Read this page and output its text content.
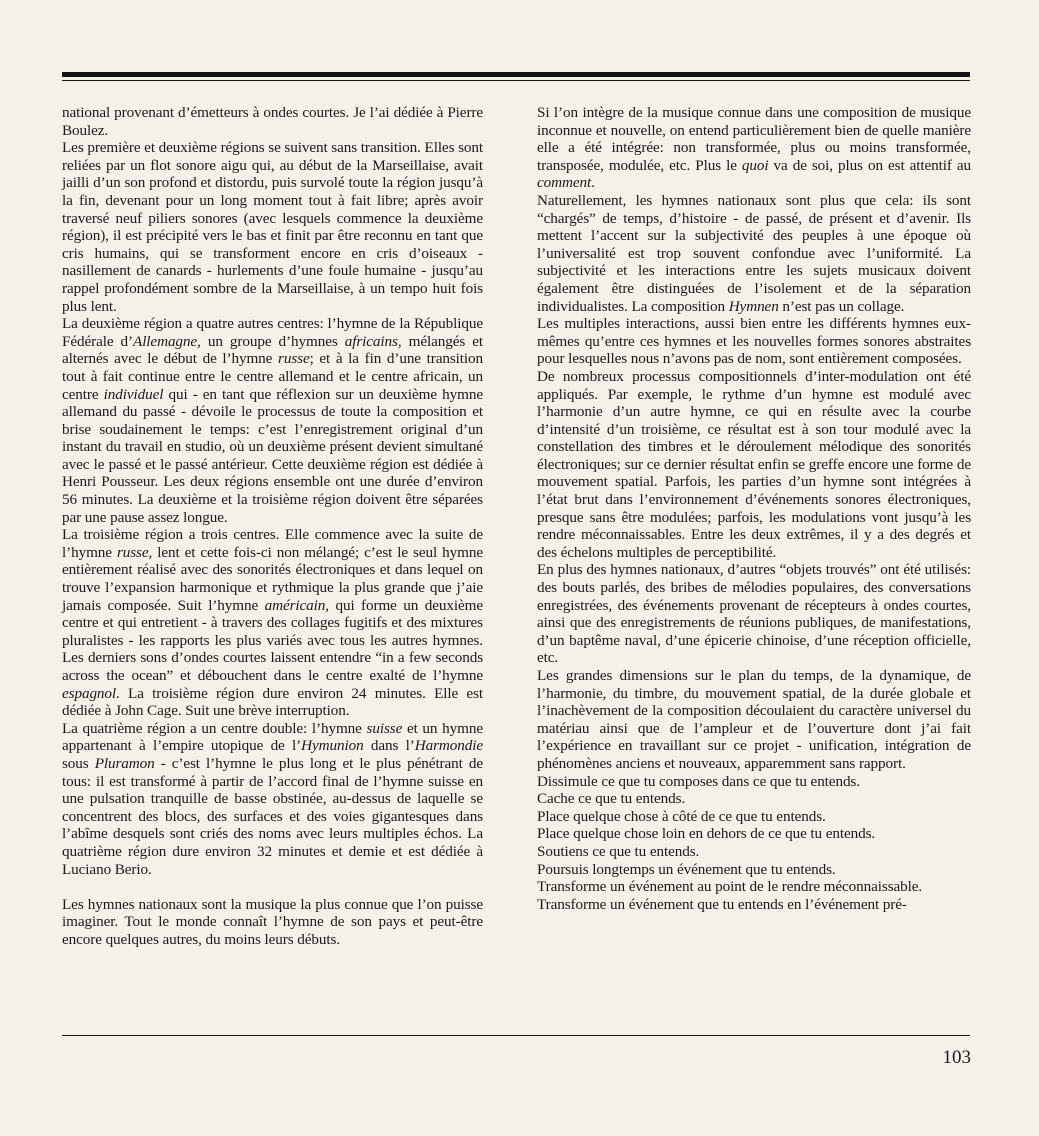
national provenant d’émetteurs à ondes courtes. Je l’ai dédiée à Pierre Boulez.

Les première et deuxième régions se suivent sans transition. Elles sont reliées par un flot sonore aigu qui, au début de la Marseillaise, avait jailli d’un son profond et distordu, puis survolé toute la région jusqu’à la fin, devenant pour un long moment tout à fait libre; après avoir traversé neuf piliers sonores (avec lesquels commence la deuxième région), il est précipité vers le bas et finit par être reconnu en tant que cris humains, qui se transforment encore en cris d’oiseaux - nasillement de canards - hurlements d’une foule humaine - jusqu’au rappel profondément sombre de la Marseillaise, à un tempo huit fois plus lent.

La deuxième région a quatre autres centres: l’hymne de la République Fédérale d’Allemagne, un groupe d’hymnes africains, mélangés et alternés avec le début de l’hymne russe; et à la fin d’une transition tout à fait continue entre le centre allemand et le centre africain, un centre individuel qui - en tant que réflexion sur un deuxième hymne allemand du passé - dévoile le processus de toute la composition et brise soudainement le temps: c’est l’enregistrement original d’un instant du travail en studio, où un deuxième présent devient simultané avec le passé et le passé antérieur. Cette deuxième région est dédiée à Henri Pousseur. Les deux régions ensemble ont une durée d’environ 56 minutes. La deuxième et la troisième région doivent être séparées par une pause assez longue.

La troisième région a trois centres. Elle commence avec la suite de l’hymne russe, lent et cette fois-ci non mélangé; c’est le seul hymne entièrement réalisé avec des sonorités électroniques et dans lequel on trouve l’expansion harmonique et rythmique la plus grande que j’aie jamais composée. Suit l’hymne américain, qui forme un deuxième centre et qui entretient - à travers des collages fugitifs et des mixtures pluralistes - les rapports les plus variés avec tous les autres hymnes. Les derniers sons d’ondes courtes laissent entendre “in a few seconds across the ocean” et débouchent dans le centre exalté de l’hymne espagnol. La troisième région dure environ 24 minutes. Elle est dédiée à John Cage. Suit une brève interruption.

La quatrième région a un centre double: l’hymne suisse et un hymne appartenant à l’empire utopique de l’Hymunion dans l’Harmondie sous Pluramon - c’est l’hymne le plus long et le plus pénétrant de tous: il est transformé à partir de l’accord final de l’hymne suisse en une pulsation tranquille de basse obstinée, au-dessus de laquelle se concentrent des blocs, des surfaces et des voies gigantesques dans l’abîme desquels sont criés des noms avec leurs multiples échos. La quatrième région dure environ 32 minutes et demie et est dédiée à Luciano Berio.

Les hymnes nationaux sont la musique la plus connue que l’on puisse imaginer. Tout le monde connaît l’hymne de son pays et peut-être encore quelques autres, du moins leurs débuts.

Si l’on intègre de la musique connue dans une composition de musique inconnue et nouvelle, on entend particulièrement bien de quelle manière elle a été intégrée: non transformée, plus ou moins transformée, transposée, modulée, etc. Plus le quoi va de soi, plus on est attentif au comment.

Naturellement, les hymnes nationaux sont plus que cela: ils sont “chargés” de temps, d’histoire - de passé, de présent et d’avenir. Ils mettent l’accent sur la subjectivité des peuples à une époque où l’universalité est trop souvent confondue avec l’uniformité. La subjectivité et les interactions entre les sujets musicaux doivent également être distinguées de l’isolement et de la séparation individualistes. La composition Hymnen n’est pas un collage.

Les multiples interactions, aussi bien entre les différents hymnes eux-mêmes qu’entre ces hymnes et les nouvelles formes sonores abstraites pour lesquelles nous n’avons pas de nom, sont entièrement composées.

De nombreux processus compositionnels d’inter-modulation ont été appliqués. Par exemple, le rythme d’un hymne est modulé avec l’harmonie d’un autre hymne, ce qui en résulte avec la courbe d’intensité d’un troisième, ce résultat est à son tour modulé avec la constellation des timbres et le déroulement mélodique des sonorités électroniques; sur ce dernier résultat enfin se greffe encore une forme de mouvement spatial. Parfois, les parties d’un hymne sont intégrées à l’état brut dans l’environnement d’événements sonores électroniques, presque sans être modulées; parfois, les modulations vont jusqu’à les rendre méconnaissables. Entre les deux extrêmes, il y a des degrés et des échelons multiples de perceptibilité.

En plus des hymnes nationaux, d’autres “objets trouvés” ont été utilisés: des bouts parlés, des bribes de mélodies populaires, des conversations enregistrées, des événements provenant de récepteurs à ondes courtes, ainsi que des enregistrements de réunions publiques, de manifestations, d’un baptême naval, d’une épicerie chinoise, d’une réception officielle, etc.

Les grandes dimensions sur le plan du temps, de la dynamique, de l’harmonie, du timbre, du mouvement spatial, de la durée globale et l’inachèvement de la composition découlaient du caractère universel du matériau ainsi que de l’ampleur et de l’ouverture dont j’ai fait l’expérience en travaillant sur ce projet - unification, intégration de phénomènes anciens et nouveaux, apparemment sans rapport.

Dissimule ce que tu composes dans ce que tu entends.

Cache ce que tu entends.

Place quelque chose à côté de ce que tu entends.

Place quelque chose loin en dehors de ce que tu entends.

Soutiens ce que tu entends.

Poursuis longtemps un événement que tu entends.

Transforme un événement au point de le rendre méconnaissable.

Transforme un événement que tu entends en l’événement pré-

103
